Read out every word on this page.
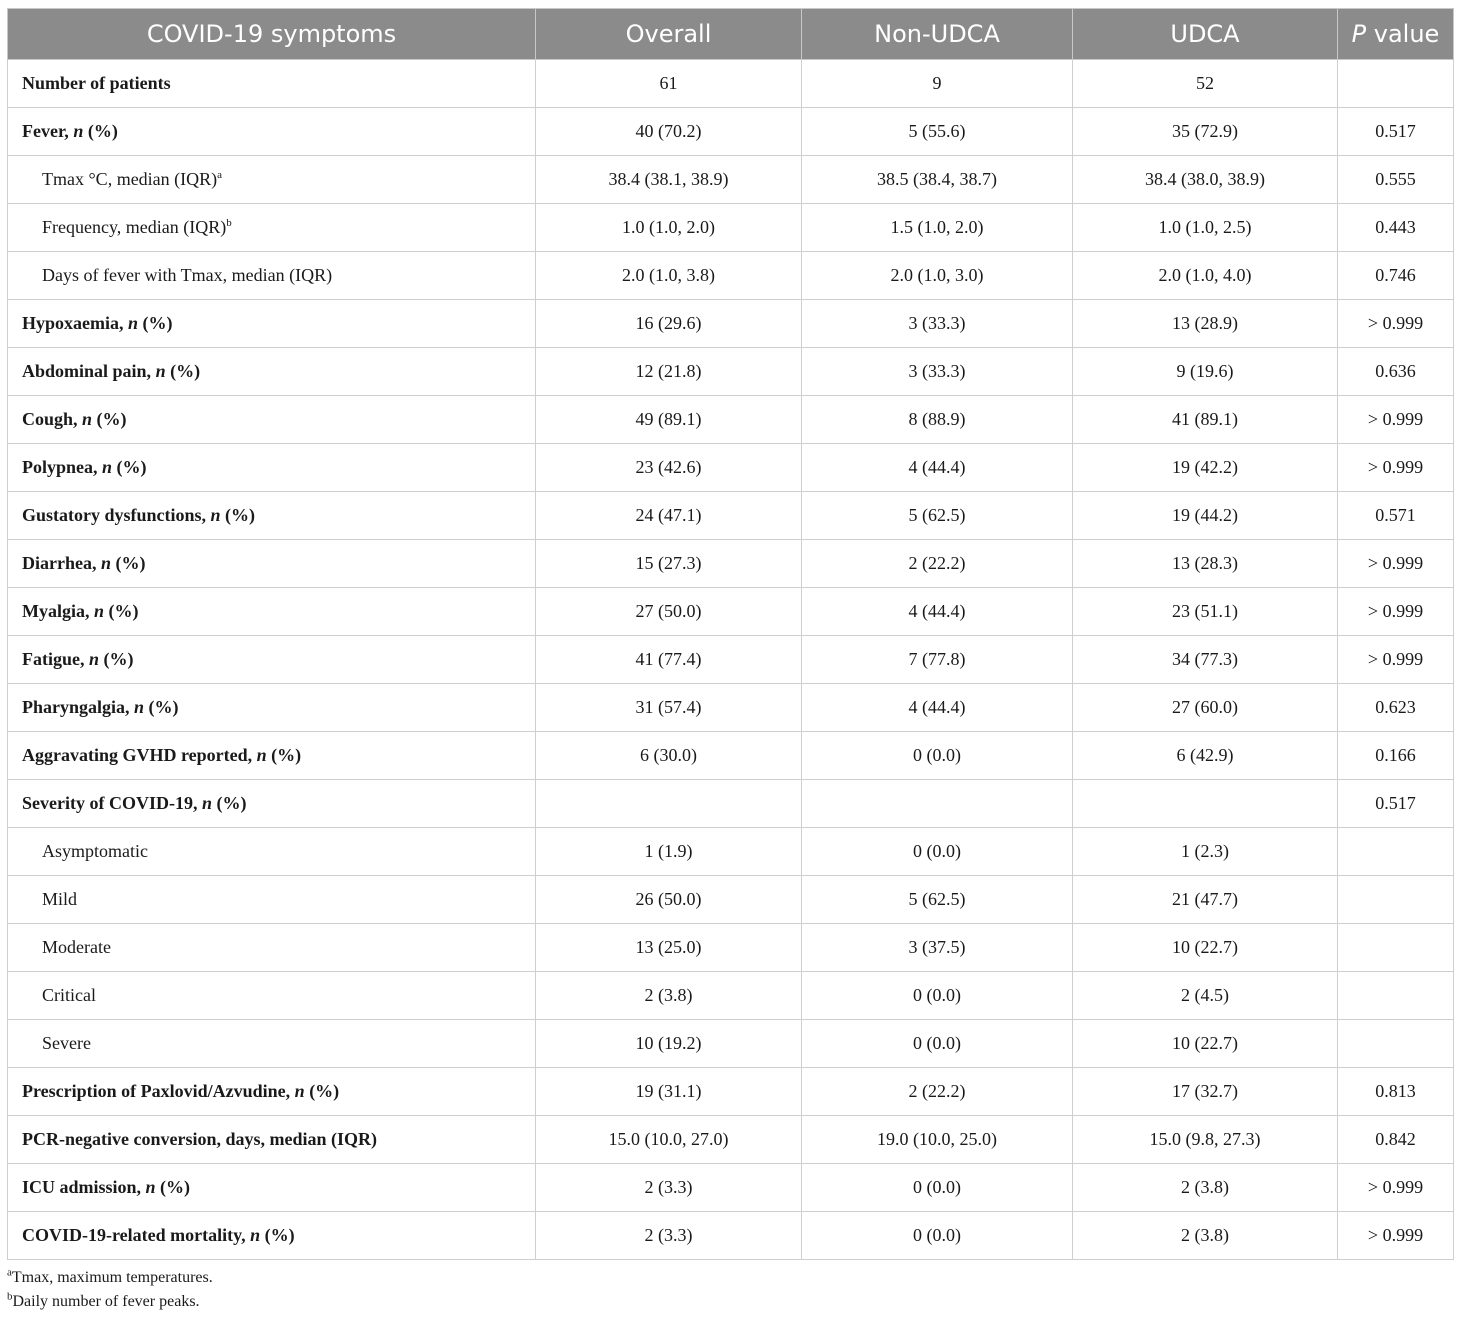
COVID-19 symptoms	Overall	Non-UDCA	UDCA	P value
Number of patients	61	9	52	
Fever, n (%)	40 (70.2)	5 (55.6)	35 (72.9)	0.517
Tmax °C, median (IQR)$^a$	38.4 (38.1, 38.9)	38.5 (38.4, 38.7)	38.4 (38.0, 38.9)	0.555
Frequency, median (IQR)$^b$	1.0 (1.0, 2.0)	1.5 (1.0, 2.0)	1.0 (1.0, 2.5)	0.443
Days of fever with Tmax, median (IQR)	2.0 (1.0, 3.8)	2.0 (1.0, 3.0)	2.0 (1.0, 4.0)	0.746
Hypoxaemia, n (%)	16 (29.6)	3 (33.3)	13 (28.9)	> 0.999
Abdominal pain, n (%)	12 (21.8)	3 (33.3)	9 (19.6)	0.636
Cough, n (%)	49 (89.1)	8 (88.9)	41 (89.1)	> 0.999
Polypnea, n (%)	23 (42.6)	4 (44.4)	19 (42.2)	> 0.999
Gustatory dysfunctions, n (%)	24 (47.1)	5 (62.5)	19 (44.2)	0.571
Diarrhea, n (%)	15 (27.3)	2 (22.2)	13 (28.3)	> 0.999
Myalgia, n (%)	27 (50.0)	4 (44.4)	23 (51.1)	> 0.999
Fatigue, n (%)	41 (77.4)	7 (77.8)	34 (77.3)	> 0.999
Pharyngalgia, n (%)	31 (57.4)	4 (44.4)	27 (60.0)	0.623
Aggravating GVHD reported, n (%)	6 (30.0)	0 (0.0)	6 (42.9)	0.166
Severity of COVID-19, n (%)				0.517
Asymptomatic	1 (1.9)	0 (0.0)	1 (2.3)	
Mild	26 (50.0)	5 (62.5)	21 (47.7)	
Moderate	13 (25.0)	3 (37.5)	10 (22.7)	
Critical	2 (3.8)	0 (0.0)	2 (4.5)	
Severe	10 (19.2)	0 (0.0)	10 (22.7)	
Prescription of Paxlovid/Azvudine, n (%)	19 (31.1)	2 (22.2)	17 (32.7)	0.813
PCR-negative conversion, days, median (IQR)	15.0 (10.0, 27.0)	19.0 (10.0, 25.0)	15.0 (9.8, 27.3)	0.842
ICU admission, n (%)	2 (3.3)	0 (0.0)	2 (3.8)	> 0.999
COVID-19-related mortality, n (%)	2 (3.3)	0 (0.0)	2 (3.8)	> 0.999
$^a$Tmax, maximum temperatures.
$^b$Daily number of fever peaks.
